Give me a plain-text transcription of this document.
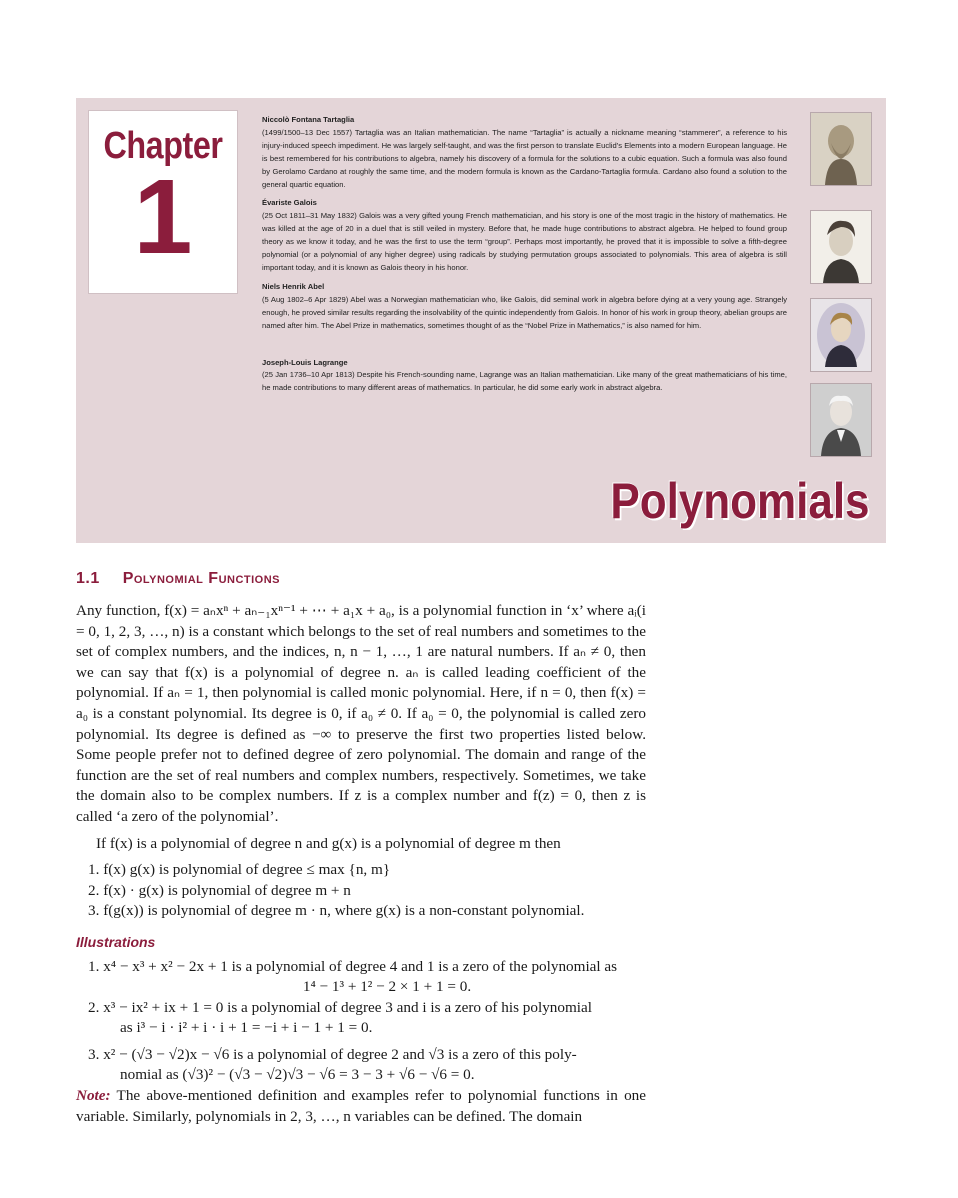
Chapter
1
Niccolò Fontana Tartaglia
(1499/1500–13 Dec 1557) Tartaglia was an Italian mathematician. The name “Tartaglia” is actually a nickname meaning “stammerer”, a reference to his injury-induced speech impediment. He was largely self-taught, and was the first person to translate Euclid’s Elements into a modern European language. He is best remembered for his contributions to algebra, namely his discovery of a formula for the solutions to a cubic equation. Such a formula was also found by Gerolamo Cardano at roughly the same time, and the modern formula is known as the Cardano-Tartaglia formula. Cardano also found a solution to the general quartic equation.
Évariste Galois
(25 Oct 1811–31 May 1832) Galois was a very gifted young French mathematician, and his story is one of the most tragic in the history of mathematics. He was killed at the age of 20 in a duel that is still veiled in mystery. Before that, he made huge contributions to abstract algebra. He helped to found group theory as we know it today, and he was the first to use the term “group”. Perhaps most importantly, he proved that it is impossible to solve a fifth-degree polynomial (or a polynomial of any higher degree) using radicals by studying permutation groups associated to polynomials. This area of algebra is still important today, and it is known as Galois theory in his honor.
Niels Henrik Abel
(5 Aug 1802–6 Apr 1829) Abel was a Norwegian mathematician who, like Galois, did seminal work in algebra before dying at a very young age. Strangely enough, he proved similar results regarding the insolvability of the quintic independently from Galois. In honor of his work in group theory, abelian groups are named after him. The Abel Prize in mathematics, sometimes thought of as the “Nobel Prize in Mathematics,” is also named for him.
Joseph-Louis Lagrange
(25 Jan 1736–10 Apr 1813) Despite his French-sounding name, Lagrange was an Italian mathematician. Like many of the great mathematicians of his time, he made contributions to many different areas of mathematics. In particular, he did some early work in abstract algebra.
Polynomials
1.1 Polynomial Functions

Any function, f(x) = aₙxⁿ + aₙ₋₁xⁿ⁻¹ + ⋯ + a₁x + a₀, is a polynomial function in ‘x’ where aᵢ(i = 0, 1, 2, 3, …, n) is a constant which belongs to the set of real numbers and sometimes to the set of complex numbers, and the indices, n, n − 1, …, 1 are natural numbers. If aₙ ≠ 0, then we can say that f(x) is a polynomial of degree n. aₙ is called leading coefficient of the polynomial. If aₙ = 1, then polynomial is called monic polynomial. Here, if n = 0, then f(x) = a₀ is a constant polynomial. Its degree is 0, if a₀ ≠ 0. If a₀ = 0, the polynomial is called zero polynomial. Its degree is defined as −∞ to preserve the first two properties listed below. Some people prefer not to defined degree of zero polynomial. The domain and range of the function are the set of real numbers and complex numbers, respectively. Sometimes, we take the domain also to be complex numbers. If z is a complex number and f(z) = 0, then z is called ‘a zero of the polynomial’.

If f(x) is a polynomial of degree n and g(x) is a polynomial of degree m then

1. f(x) g(x) is polynomial of degree ≤ max {n, m}
2. f(x) · g(x) is polynomial of degree m + n
3. f(g(x)) is polynomial of degree m · n, where g(x) is a non-constant polynomial.
Illustrations
1. x⁴ − x³ + x² − 2x + 1 is a polynomial of degree 4 and 1 is a zero of the polynomial as
1⁴ − 1³ + 1² − 2 × 1 + 1 = 0.
2. x³ − ix² + ix + 1 = 0 is a polynomial of degree 3 and i is a zero of his polynomial
as i³ − i · i² + i · i + 1 = −i + i − 1 + 1 = 0.
3. x² − (√3 − √2)x − √6 is a polynomial of degree 2 and √3 is a zero of this poly-
nomial as (√3)² − (√3 − √2)√3 − √6 = 3 − 3 + √6 − √6 = 0.

Note: The above-mentioned definition and examples refer to polynomial functions in one variable. Similarly, polynomials in 2, 3, …, n variables can be defined. The domain
